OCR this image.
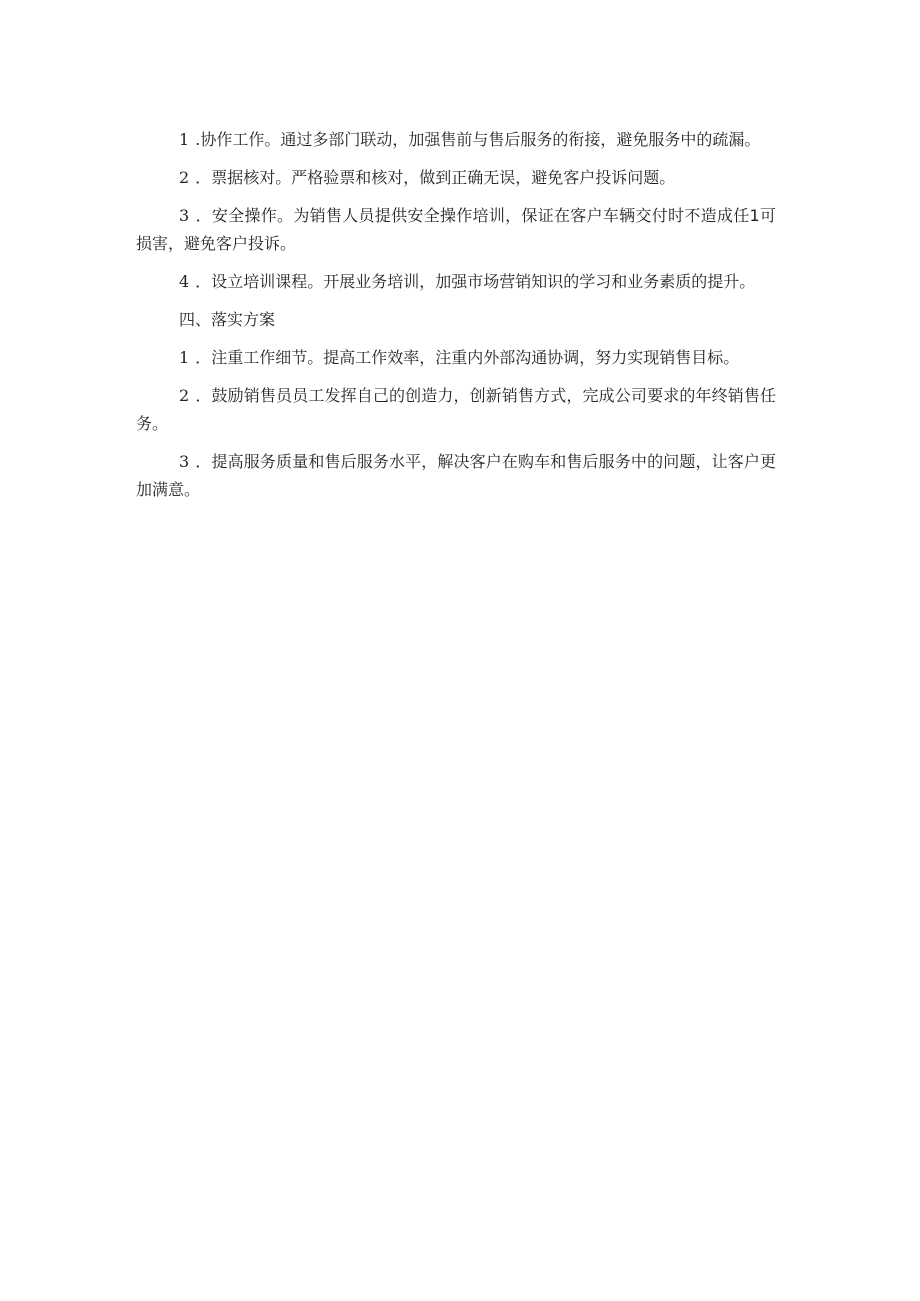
1 .协作工作。通过多部门联动，加强售前与售后服务的衔接，避免服务中的疏漏。

2 ．票据核对。严格验票和核对，做到正确无误，避免客户投诉问题。

3 ．安全操作。为销售人员提供安全操作培训，保证在客户车辆交付时不造成任1可损害，避免客户投诉。

4 ．设立培训课程。开展业务培训，加强市场营销知识的学习和业务素质的提升。

四、落实方案

1 ．注重工作细节。提高工作效率，注重内外部沟通协调，努力实现销售目标。

2 ．鼓励销售员员工发挥自己的创造力，创新销售方式，完成公司要求的年终销售任务。

3 ．提高服务质量和售后服务水平，解决客户在购车和售后服务中的问题，让客户更加满意。
